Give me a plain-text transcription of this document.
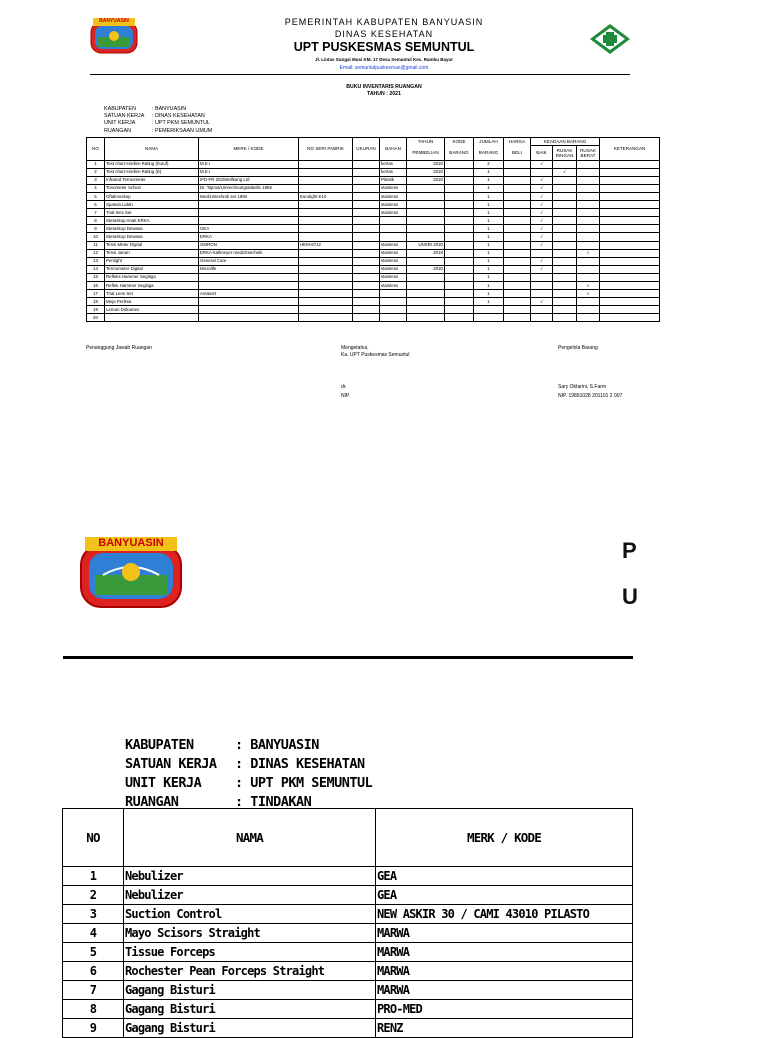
BANYUASIN	PEMERINTAH KABUPATEN BANYUASIN
DINAS KESEHATAN
UPT PUSKESMAS SEMUNTUL
Jl. Lintas Sungai Musi KM. 17 Desa Semuntul Kec. Rambu Bayur
Email: semuntulpuskesmas@gmail.com
BUKU INVENTARIS RUANGAN
TAHUN : 2021
KABUPATEN	: BANYUASIN
SATUAN KERJA : DINAS KESEHATAN
UNIT KERJA	: UPT PKM SEMUNTUL
RUANGAN	: PEMERIKSAAN UMUM
NO	NAMA	MERK / KODE	NO SERI PABRIK	UKURAN	BAHAN	TAHUN	KODE	JUMLAH	HARGA	KEADAAN BARANG			KETERANGAN
						PEMBELIAN	BARANG	BARANG	BELI	BAIK	RUSAK RINGAN	RUSAK BERAT	
1	Test chart-snellen Rating (huruf)	M.E.I			kertas	2020		2		√			
2	Test chart-snellen Rating (E)	M.E.I			kertas	2020		1			√		
3	Infrared Termometer	IFD-FR 202/Wellkang Ltd			Plastik	2020		1		√			
4	Tonometer Schioz	Dr. Tajima/Umrechnungstabelle 1955			stainless			1		√			
5	Oftalmoskop	Medizintechnik set 1890	Eurolight E10		stainless			1		√			
6	Spatula Lidah				stainless			1		√			
7	Trial lens Set				stainless			1		√			
8	Stetoskop Anak ERKA							1		√			
9	Stetoskop Dewasa	GEA						1		√			
10	Stetoskop Dewasa	ERKA						1		√			
11	Tensi Meter Digital	OMRON	HEM-8712		stainless	UNSRI 2020		1		√			
12	Tensi Jarum	ERKA-kallmeyer medizintechnik			stainless	2018		1				√	
13	Penlight	General Care			stainless			1		√			
14	Termometer Digital	Microlife			stainless	2020		1		√			
15	Refleks Hammer Segitiga				stainless			1					
16	Reflek Hammer Segitiga				stainless			1				√	
17	Trial Lens Set	Antassrt						1				√	
18	Meja Periksa							1		√			
19	Lemari Dokumen												
20													
Penanggung Jawab Ruangan	Mengetahui,
Ka. UPT Puskesmas Semuntul
Pengelola Barang
dr.
NIP.
Sary Oktarini, S.Farm
NIP. 19891028 201101 2 007
BANYUASIN	P
U
KABUPATEN	: BANYUASIN
SATUAN KERJA : DINAS KESEHATAN
UNIT KERJA : UPT PKM SEMUNTUL
RUANGAN	: TINDAKAN
NO	NAMA	MERK / KODE
1	Nebulizer	GEA
2	Nebulizer	GEA
3	Suction Control	NEW ASKIR 30 / CAMI 43010 PILASTO
4	Mayo Scisors Straight	MARWA
5	Tissue Forceps	MARWA
6	Rochester Pean Forceps Straight	MARWA
7	Gagang Bisturi	MARWA
8	Gagang Bisturi	PRO-MED
9	Gagang Bisturi	RENZ
